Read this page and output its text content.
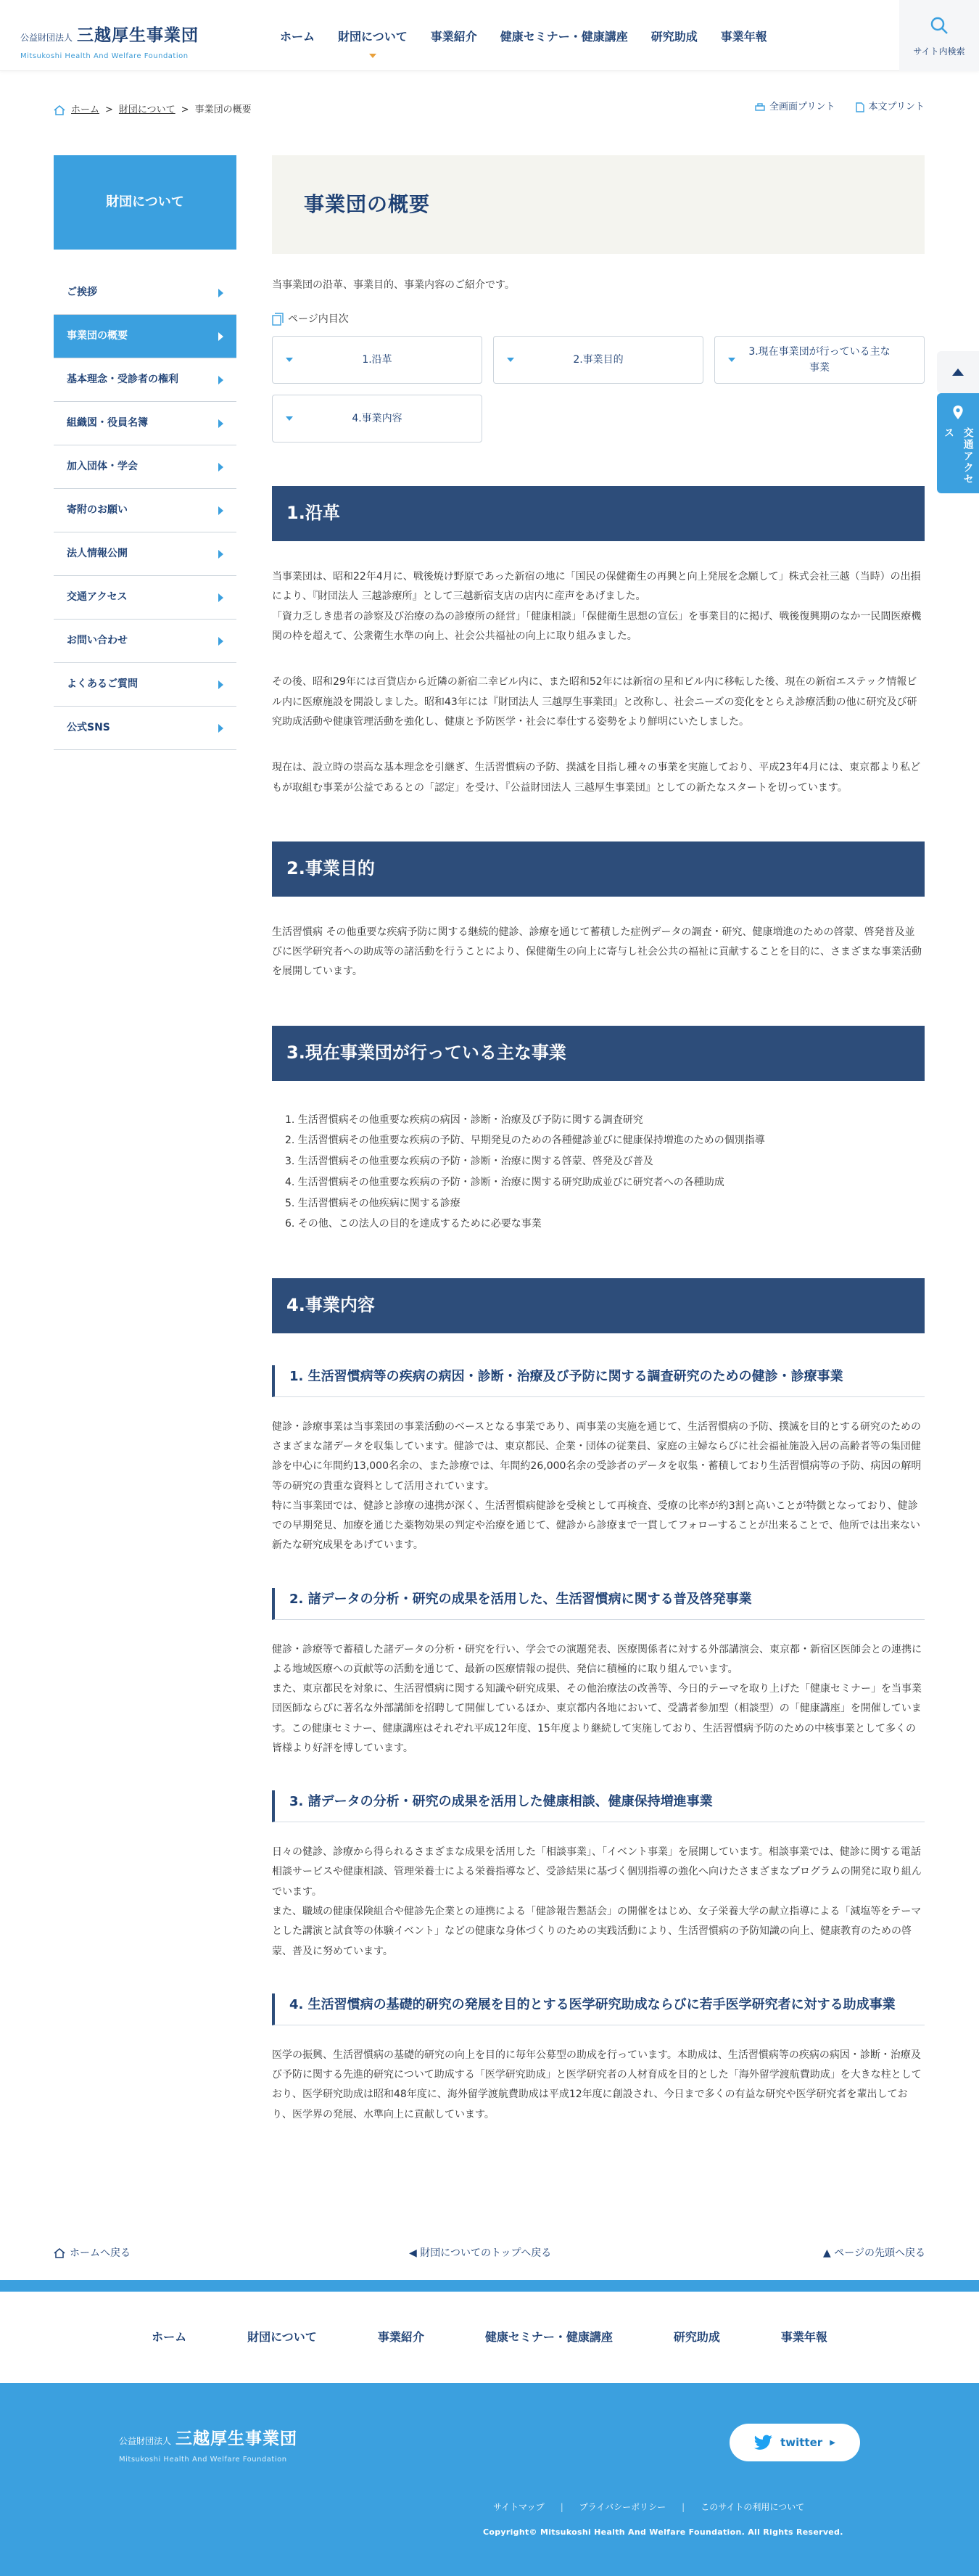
公益財団法人 三越厚生事業団
Mitsukoshi Health And Welfare Foundation
ホーム	財団について	事業紹介	健康セミナー・健康講座	研究助成	事業年報
サイト内検索
ホーム > 財団について > 事業団の概要	全画面プリント	本文プリント
財団について
ご挨拶
事業団の概要
基本理念・受診者の権利
組織図・役員名簿
加入団体・学会
寄附のお願い
法人情報公開
交通アクセス
お問い合わせ
よくあるご質問
公式SNS
事業団の概要

当事業団の沿革、事業目的、事業内容のご紹介です。

ページ内目次
1.沿革	2.事業目的
3.現在事業団が行っている主な事業
4.事業内容
1.沿革

当事業団は、昭和22年4月に、戦後焼け野原であった新宿の地に「国民の保健衛生の再興と向上発展を念願して」株式会社三越（当時）の出損により、『財団法人 三越診療所』として三越新宿支店の店内に産声をあげました。
「資力乏しき患者の診察及び治療の為の診療所の経営」「健康相談」「保健衛生思想の宣伝」を事業目的に掲げ、戦後復興期のなか一民間医療機関の枠を超えて、公衆衛生水準の向上、社会公共福祉の向上に取り組みました。

その後、昭和29年には百貨店から近隣の新宿二幸ビル内に、また昭和52年には新宿の星和ビル内に移転した後、現在の新宿エステック情報ビル内に医療施設を開設しました。昭和43年には『財団法人 三越厚生事業団』と改称し、社会ニーズの変化をとらえ診療活動の他に研究及び研究助成活動や健康管理活動を強化し、健康と予防医学・社会に奉仕する姿勢をより鮮明にいたしました。

現在は、設立時の崇高な基本理念を引継ぎ、生活習慣病の予防、撲滅を目指し種々の事業を実施しており、平成23年4月には、東京都より私どもが取組む事業が公益であるとの「認定」を受け、『公益財団法人 三越厚生事業団』としての新たなスタートを切っています。

2.事業目的

生活習慣病 その他重要な疾病予防に関する継続的健診、診療を通じて蓄積した症例データの調査・研究、健康増進のための啓蒙、啓発普及並びに医学研究者への助成等の諸活動を行うことにより、保健衛生の向上に寄与し社会公共の福祉に貢献することを目的に、さまざまな事業活動を展開しています。

3.現在事業団が行っている主な事業
1. 生活習慣病その他重要な疾病の病因・診断・治療及び予防に関する調査研究
2. 生活習慣病その他重要な疾病の予防、早期発見のための各種健診並びに健康保持増進のための個別指導
3. 生活習慣病その他重要な疾病の予防・診断・治療に関する啓蒙、啓発及び普及
4. 生活習慣病その他重要な疾病の予防・診断・治療に関する研究助成並びに研究者への各種助成
5. 生活習慣病その他疾病に関する診療
6. その他、この法人の目的を達成するために必要な事業
4.事業内容
1. 生活習慣病等の疾病の病因・診断・治療及び予防に関する調査研究のための健診・診療事業

健診・診療事業は当事業団の事業活動のベースとなる事業であり、両事業の実施を通じて、生活習慣病の予防、撲滅を目的とする研究のためのさまざまな諸データを収集しています。健診では、東京都民、企業・団体の従業員、家庭の主婦ならびに社会福祉施設入居の高齢者等の集団健診を中心に年間約13,000名余の、また診療では、年間約26,000名余の受診者のデータを収集・蓄積しており生活習慣病等の予防、病因の解明等の研究の貴重な資料として活用されています。
特に当事業団では、健診と診療の連携が深く、生活習慣病健診を受検として再検査、受療の比率が約3割と高いことが特徴となっており、健診での早期発見、加療を通じた薬物効果の判定や治療を通じて、健診から診療まで一貫してフォローすることが出来ることで、他所では出来ない新たな研究成果をあげています。

2. 諸データの分析・研究の成果を活用した、生活習慣病に関する普及啓発事業

健診・診療等で蓄積した諸データの分析・研究を行い、学会での演題発表、医療関係者に対する外部講演会、東京都・新宿区医師会との連携による地域医療への貢献等の活動を通じて、最新の医療情報の提供、発信に積極的に取り組んでいます。
また、東京都民を対象に、生活習慣病に関する知識や研究成果、その他治療法の改善等、今日的テーマを取り上げた「健康セミナー」を当事業団医師ならびに著名な外部講師を招聘して開催しているほか、東京都内各地において、受講者参加型（相談型）の「健康講座」を開催しています。この健康セミナー、健康講座はそれぞれ平成12年度、15年度より継続して実施しており、生活習慣病予防のための中核事業として多くの皆様より好評を博しています。

3. 諸データの分析・研究の成果を活用した健康相談、健康保持増進事業

日々の健診、診療から得られるさまざまな成果を活用した「相談事業」、「イベント事業」を展開しています。相談事業では、健診に関する電話相談サービスや健康相談、管理栄養士による栄養指導など、受診結果に基づく個別指導の強化へ向けたさまざまなプログラムの開発に取り組んでいます。
また、職域の健康保険組合や健診先企業との連携による「健診報告懇話会」の開催をはじめ、女子栄養大学の献立指導による「減塩等をテーマとした講演と試食等の体験イベント」などの健康な身体づくりのための実践活動により、生活習慣病の予防知識の向上、健康教育のための啓蒙、普及に努めています。

4. 生活習慣病の基礎的研究の発展を目的とする医学研究助成ならびに若手医学研究者に対する助成事業

医学の振興、生活習慣病の基礎的研究の向上を目的に毎年公募型の助成を行っています。本助成は、生活習慣病等の疾病の病因・診断・治療及び予防に関する先進的研究について助成する「医学研究助成」と医学研究者の人材育成を目的とした「海外留学渡航費助成」を大きな柱としており、医学研究助成は昭和48年度に、海外留学渡航費助成は平成12年度に創設され、今日まで多くの有益な研究や医学研究者を輩出しており、医学界の発展、水準向上に貢献しています。

ホームへ戻る	◀ 財団についてのトップへ戻る	▲ ページの先頭へ戻る
ホーム	財団について	事業紹介	健康セミナー・健康講座	研究助成	事業年報
公益財団法人 三越厚生事業団
Mitsukoshi Health And Welfare Foundation
twitter ▶
サイトマップ | プライバシーポリシー | このサイトの利用について
Copyright© Mitsukoshi Health And Welfare Foundation. All Rights Reserved.
交通アクセス
